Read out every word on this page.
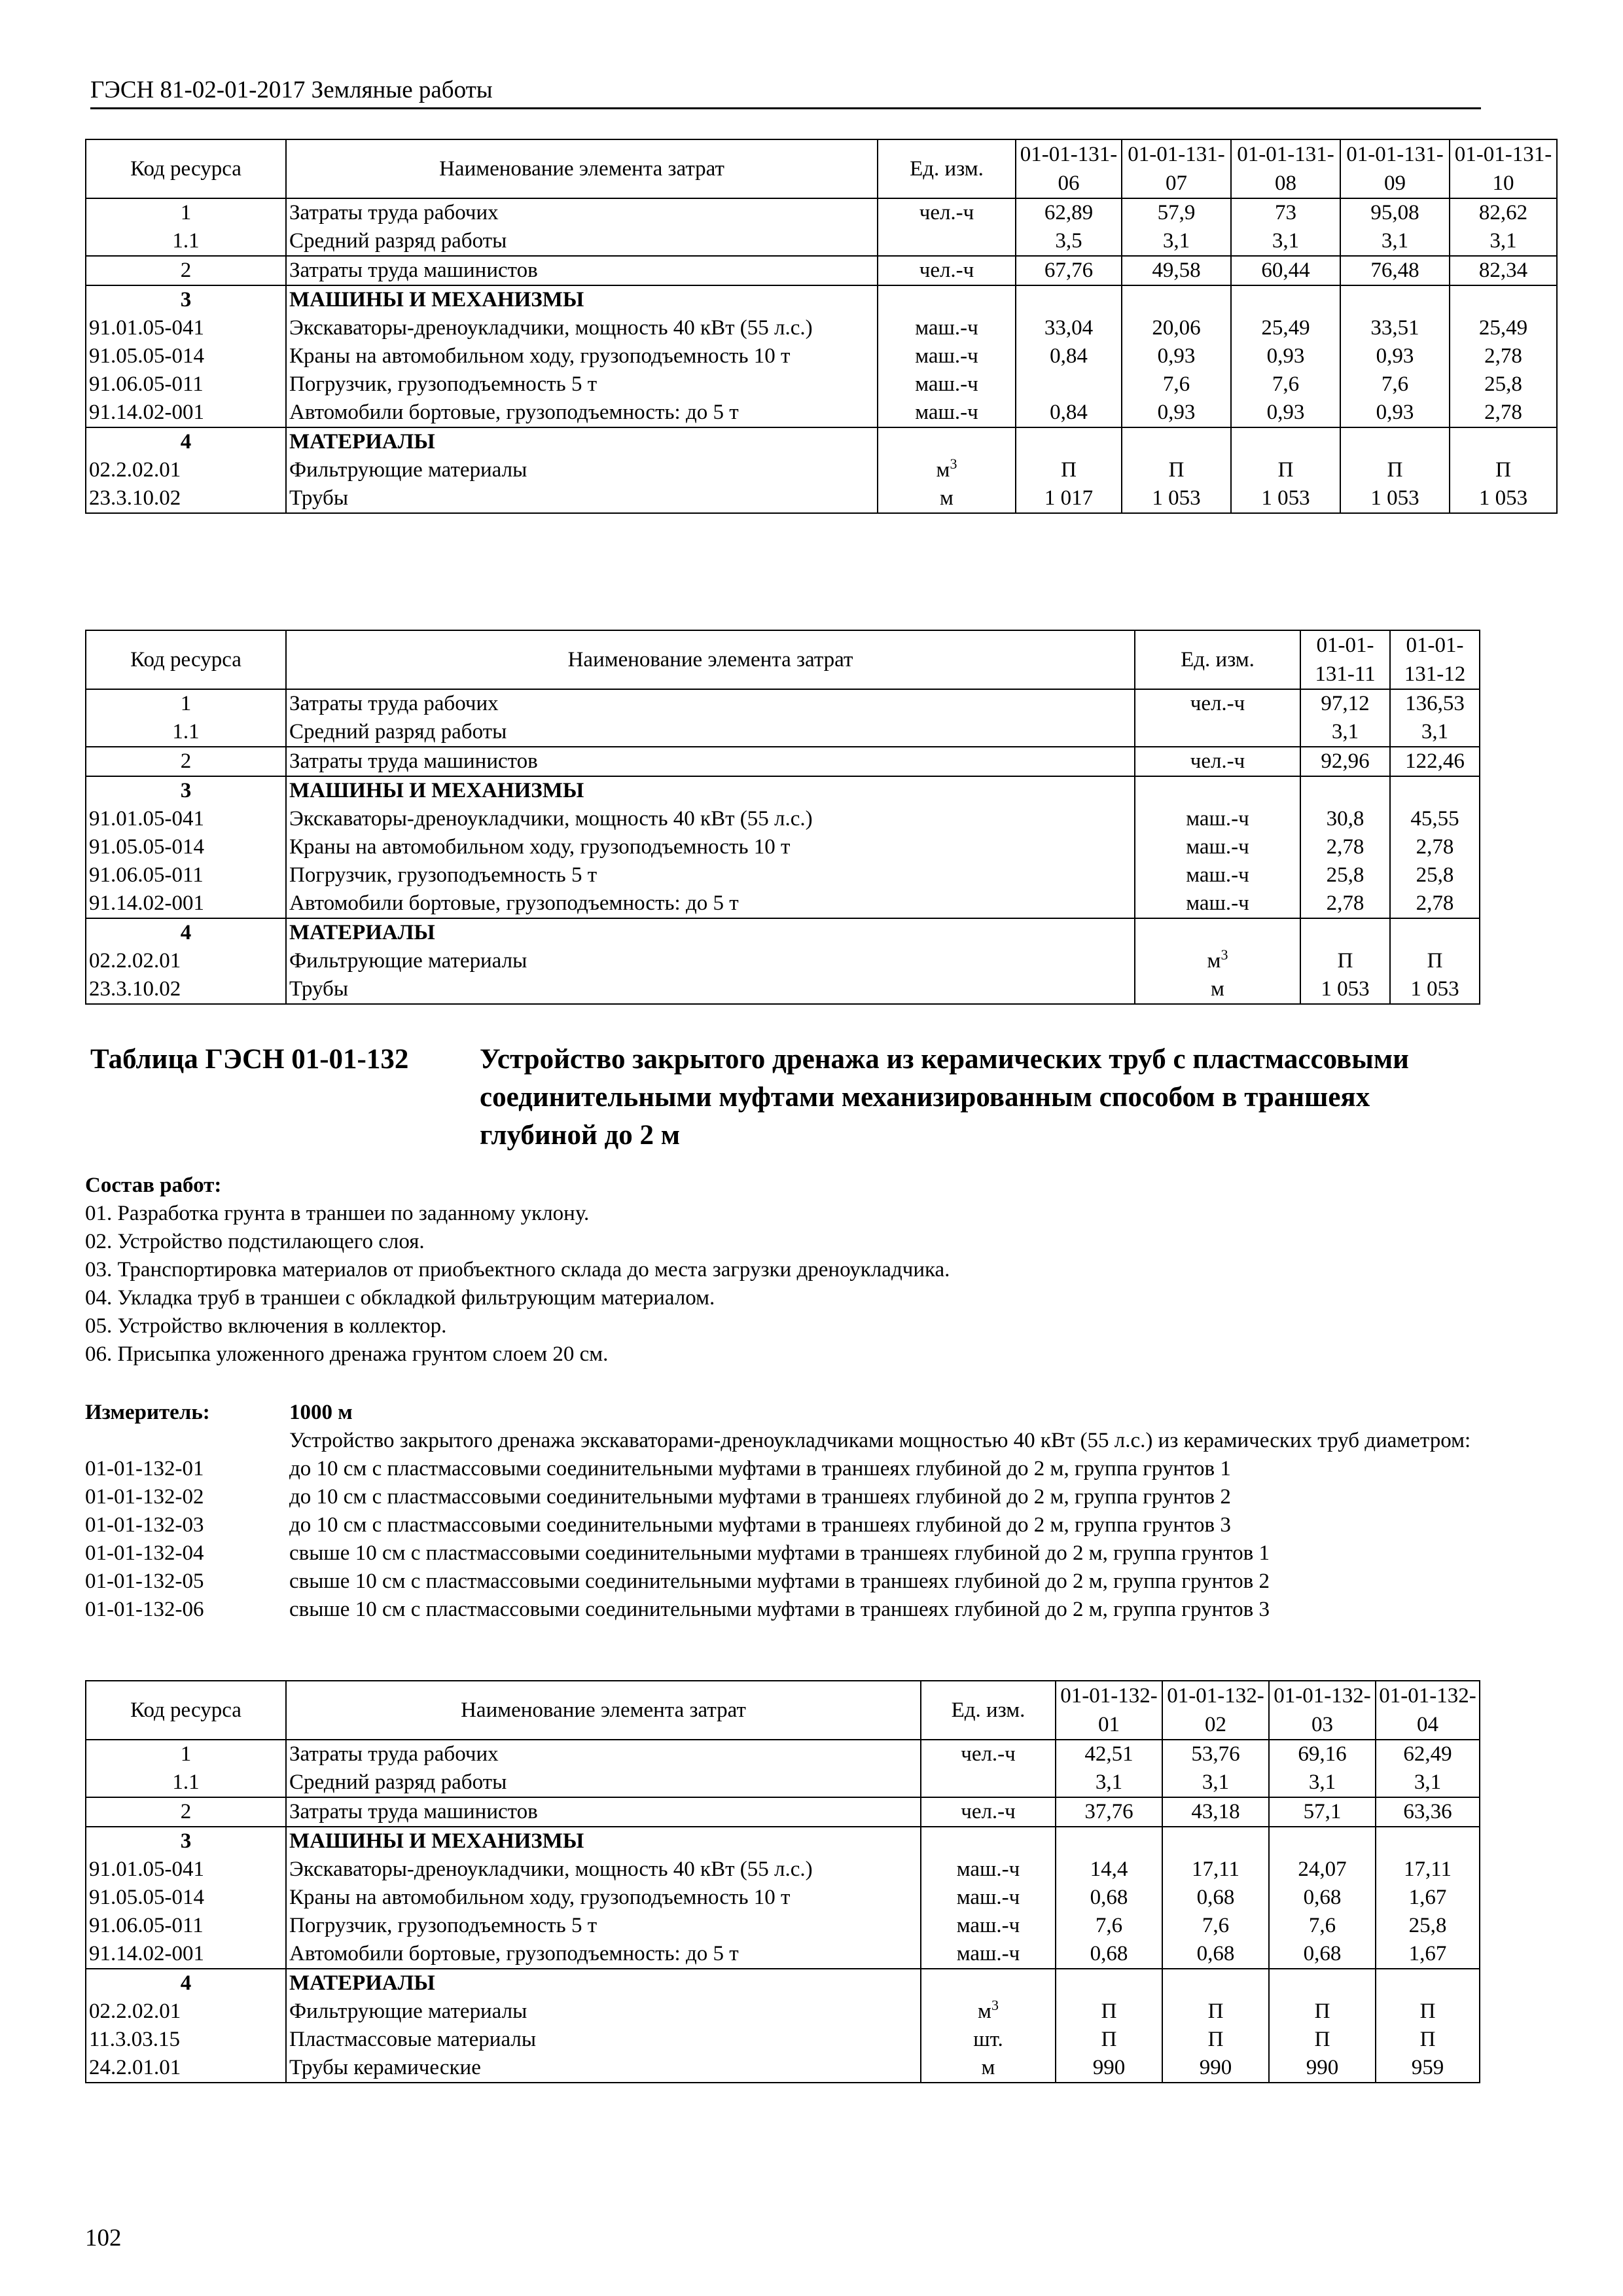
ГЭСН 81-02-01-2017 Земляные работы
Код ресурса	Наименование элемента затрат	Ед. изм.	01-01-131-06	01-01-131-07	01-01-131-08	01-01-131-09	01-01-131-10
1	Затраты труда рабочих	чел.-ч	62,89	57,9	73	95,08	82,62
1.1	Средний разряд работы		3,5	3,1	3,1	3,1	3,1
2	Затраты труда машинистов	чел.-ч	67,76	49,58	60,44	76,48	82,34
3	МАШИНЫ И МЕХАНИЗМЫ						
91.01.05-041	Экскаваторы-дреноукладчики, мощность 40 кВт (55 л.с.)	маш.-ч	33,04	20,06	25,49	33,51	25,49
91.05.05-014	Краны на автомобильном ходу, грузоподъемность 10 т	маш.-ч	0,84	0,93	0,93	0,93	2,78
91.06.05-011	Погрузчик, грузоподъемность 5 т	маш.-ч		7,6	7,6	7,6	25,8
91.14.02-001	Автомобили бортовые, грузоподъемность: до 5 т	маш.-ч	0,84	0,93	0,93	0,93	2,78
4	МАТЕРИАЛЫ						
02.2.02.01	Фильтрующие материалы	$м^3$	П	П	П	П	П
23.3.10.02	Трубы	м	1 017	1 053	1 053	1 053	1 053
Код ресурса	Наименование элемента затрат	Ед. изм.	01-01-131-11	01-01-131-12
1	Затраты труда рабочих	чел.-ч	97,12	136,53
1.1	Средний разряд работы		3,1	3,1
2	Затраты труда машинистов	чел.-ч	92,96	122,46
3	МАШИНЫ И МЕХАНИЗМЫ			
91.01.05-041	Экскаваторы-дреноукладчики, мощность 40 кВт (55 л.с.)	маш.-ч	30,8	45,55
91.05.05-014	Краны на автомобильном ходу, грузоподъемность 10 т	маш.-ч	2,78	2,78
91.06.05-011	Погрузчик, грузоподъемность 5 т	маш.-ч	25,8	25,8
91.14.02-001	Автомобили бортовые, грузоподъемность: до 5 т	маш.-ч	2,78	2,78
4	МАТЕРИАЛЫ			
02.2.02.01	Фильтрующие материалы	$м^3$	П	П
23.3.10.02	Трубы	м	1 053	1 053
Таблица ГЭСН 01-01-132	Устройство закрытого дренажа из керамических труб с пластмассовыми соединительными муфтами механизированным способом в траншеях глубиной до 2 м
Состав работ:
01. Разработка грунта в траншеи по заданному уклону.
02. Устройство подстилающего слоя.
03. Транспортировка материалов от приобъектного склада до места загрузки дреноукладчика.
04. Укладка труб в траншеи с обкладкой фильтрующим материалом.
05. Устройство включения в коллектор.
06. Присыпка уложенного дренажа грунтом слоем 20 см.
Измеритель:	1000 м
Устройство закрытого дренажа экскаваторами-дреноукладчиками мощностью 40 кВт (55 л.с.) из керамических труб диаметром:
01-01-132-01	до 10 см с пластмассовыми соединительными муфтами в траншеях глубиной до 2 м, группа грунтов 1
01-01-132-02	до 10 см с пластмассовыми соединительными муфтами в траншеях глубиной до 2 м, группа грунтов 2
01-01-132-03	до 10 см с пластмассовыми соединительными муфтами в траншеях глубиной до 2 м, группа грунтов 3
01-01-132-04	свыше 10 см с пластмассовыми соединительными муфтами в траншеях глубиной до 2 м, группа грунтов 1
01-01-132-05	свыше 10 см с пластмассовыми соединительными муфтами в траншеях глубиной до 2 м, группа грунтов 2
01-01-132-06	свыше 10 см с пластмассовыми соединительными муфтами в траншеях глубиной до 2 м, группа грунтов 3
Код ресурса	Наименование элемента затрат	Ед. изм.	01-01-132-01	01-01-132-02	01-01-132-03	01-01-132-04
1	Затраты труда рабочих	чел.-ч	42,51	53,76	69,16	62,49
1.1	Средний разряд работы		3,1	3,1	3,1	3,1
2	Затраты труда машинистов	чел.-ч	37,76	43,18	57,1	63,36
3	МАШИНЫ И МЕХАНИЗМЫ					
91.01.05-041	Экскаваторы-дреноукладчики, мощность 40 кВт (55 л.с.)	маш.-ч	14,4	17,11	24,07	17,11
91.05.05-014	Краны на автомобильном ходу, грузоподъемность 10 т	маш.-ч	0,68	0,68	0,68	1,67
91.06.05-011	Погрузчик, грузоподъемность 5 т	маш.-ч	7,6	7,6	7,6	25,8
91.14.02-001	Автомобили бортовые, грузоподъемность: до 5 т	маш.-ч	0,68	0,68	0,68	1,67
4	МАТЕРИАЛЫ					
02.2.02.01	Фильтрующие материалы	$м^3$	П	П	П	П
11.3.03.15	Пластмассовые материалы	шт.	П	П	П	П
24.2.01.01	Трубы керамические	м	990	990	990	959
102
